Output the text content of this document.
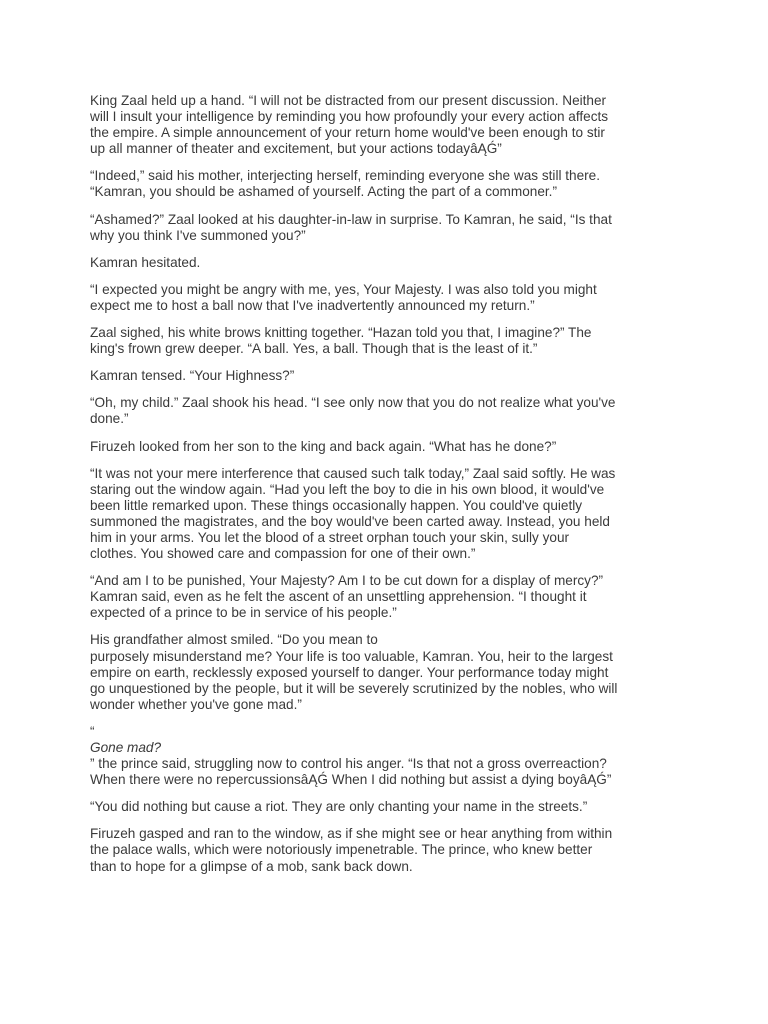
King Zaal held up a hand. “I will not be distracted from our present discussion. Neither
will I insult your intelligence by reminding you how profoundly your every action affects
the empire. A simple announcement of your return home would've been enough to stir
up all manner of theater and excitement, but your actions todayâĄǴ”

“Indeed,” said his mother, interjecting herself, reminding everyone she was still there.
“Kamran, you should be ashamed of yourself. Acting the part of a commoner.”

“Ashamed?” Zaal looked at his daughter-in-law in surprise. To Kamran, he said, “Is that
why you think I've summoned you?”

Kamran hesitated.

“I expected you might be angry with me, yes, Your Majesty. I was also told you might
expect me to host a ball now that I've inadvertently announced my return.”

Zaal sighed, his white brows knitting together. “Hazan told you that, I imagine?” The
king's frown grew deeper. “A ball. Yes, a ball. Though that is the least of it.”

Kamran tensed. “Your Highness?”

“Oh, my child.” Zaal shook his head. “I see only now that you do not realize what you've
done.”

Firuzeh looked from her son to the king and back again. “What has he done?”

“It was not your mere interference that caused such talk today,” Zaal said softly. He was
staring out the window again. “Had you left the boy to die in his own blood, it would've
been little remarked upon. These things occasionally happen. You could've quietly
summoned the magistrates, and the boy would've been carted away. Instead, you held
him in your arms. You let the blood of a street orphan touch your skin, sully your
clothes. You showed care and compassion for one of their own.”

“And am I to be punished, Your Majesty? Am I to be cut down for a display of mercy?”
Kamran said, even as he felt the ascent of an unsettling apprehension. “I thought it
expected of a prince to be in service of his people.”

His grandfather almost smiled. “Do you mean to
purposely misunderstand me? Your life is too valuable, Kamran. You, heir to the largest
empire on earth, recklessly exposed yourself to danger. Your performance today might
go unquestioned by the people, but it will be severely scrutinized by the nobles, who will
wonder whether you've gone mad.”

“

Gone mad?

” the prince said, struggling now to control his anger. “Is that not a gross overreaction?
When there were no repercussionsâĄǴ When I did nothing but assist a dying boyâĄǴ”

“You did nothing but cause a riot. They are only chanting your name in the streets.”

Firuzeh gasped and ran to the window, as if she might see or hear anything from within
the palace walls, which were notoriously impenetrable. The prince, who knew better
than to hope for a glimpse of a mob, sank back down.
